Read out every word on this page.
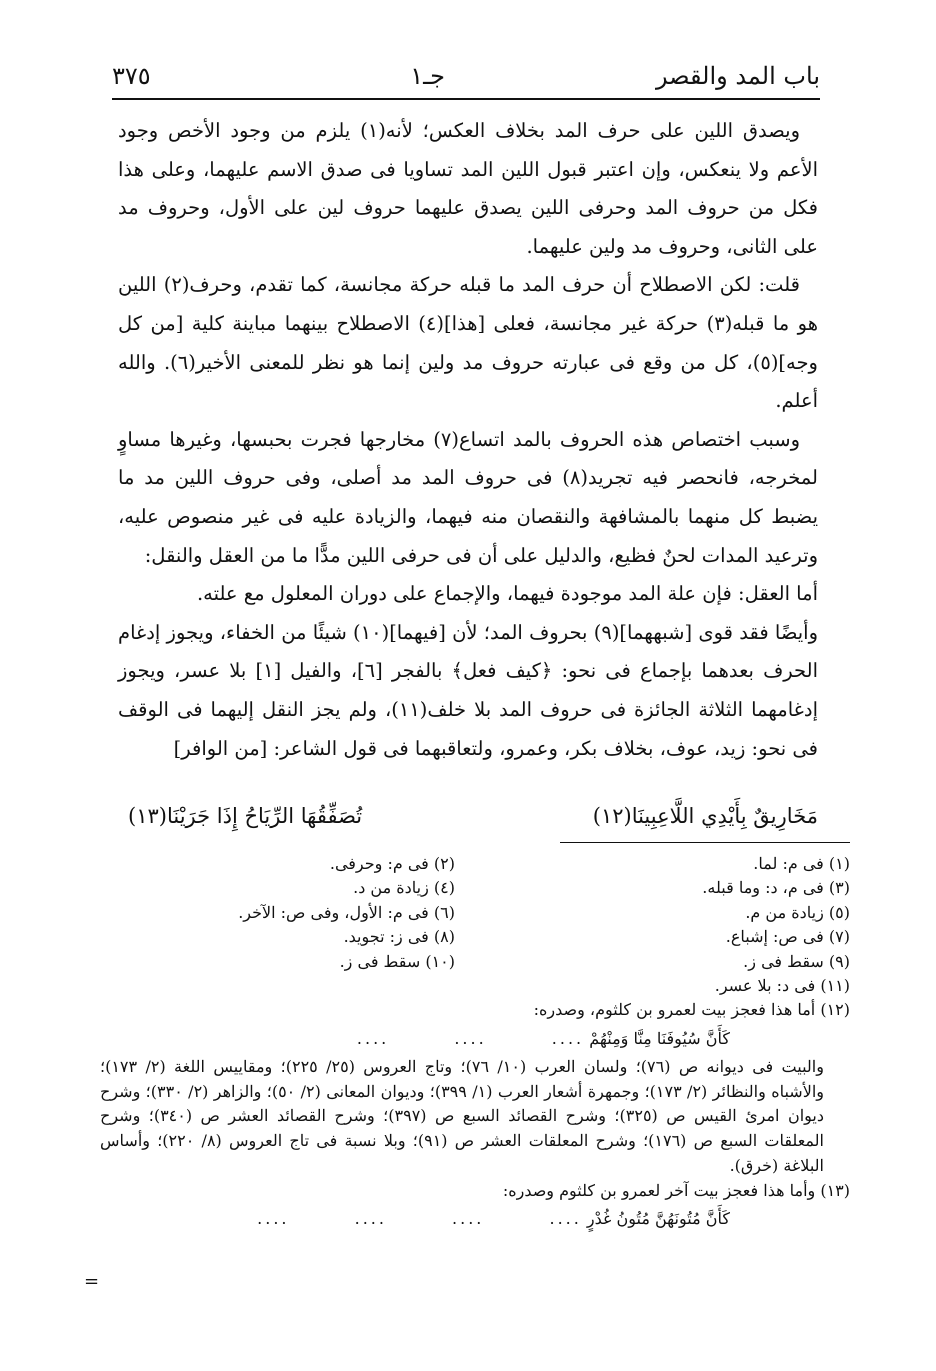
باب المد والقصر
جـ١
٣٧٥

ويصدق اللين على حرف المد بخلاف العكس؛ لأنه(١) يلزم من وجود الأخص وجود الأعم ولا ينعكس، وإن اعتبر قبول اللين المد تساويا فى صدق الاسم عليهما، وعلى هذا فكل من حروف المد وحرفى اللين يصدق عليهما حروف لين على الأول، وحروف مد على الثانى، وحروف مد ولين عليهما.

قلت: لكن الاصطلاح أن حرف المد ما قبله حركة مجانسة، كما تقدم، وحرف(٢) اللين هو ما قبله(٣) حركة غير مجانسة، فعلى [هذا](٤) الاصطلاح بينهما مباينة كلية [من كل وجه](٥)، كل من وقع فى عبارته حروف مد ولين إنما هو نظر للمعنى الأخير(٦). والله أعلم.

وسبب اختصاص هذه الحروف بالمد اتساع(٧) مخارجها فجرت بحبسها، وغيرها مساوٍ لمخرجه، فانحصر فيه تجريد(٨) فى حروف المد مد أصلى، وفى حروف اللين مد ما يضبط كل منهما بالمشافهة والنقصان منه فيهما، والزيادة عليه فى غير منصوص عليه، وترعيد المدات لحنٌ فظيع، والدليل على أن فى حرفى اللين مدًّا ما من العقل والنقل:

أما العقل: فإن علة المد موجودة فيهما، والإجماع على دوران المعلول مع علته.

وأيضًا فقد قوى [شبههما](٩) بحروف المد؛ لأن [فيهما](١٠) شيئًا من الخفاء، ويجوز إدغام الحرف بعدهما بإجماع فى نحو: ﴿كيف فعل﴾ بالفجر [٦]، والفيل [١] بلا عسر، ويجوز إدغامهما الثلاثة الجائزة فى حروف المد بلا خلف(١١)، ولم يجز النقل إليهما فى الوقف فى نحو: زيد، عوف، بخلاف بكر، وعمرو، ولتعاقبهما فى قول الشاعر: [من الوافر]

مَخَارِيقٌ بِأَيْدِي اللَّاعِبِينَا(١٢)
تُصَفِّقُهَا الرِّيَاحُ إِذَا جَرَيْنَا(١٣)
(١) فى م: لما.
(٢) فى م: وحرفى.
(٣) فى م، د: وما قبله.
(٤) زيادة من د.
(٥) زيادة من م.
(٦) فى م: الأول، وفى ص: الآخر.
(٧) فى ص: إشباع.
(٨) فى ز: تجويد.
(٩) سقط فى ز.
(١٠) سقط فى ز.
(١١) فى د: بلا عسر.
(١٢) أما هذا فعجز بيت لعمرو بن كلثوم، وصدره:
كَأَنَّ سُيُوفَنَا مِنَّا وَمِنْهُمْ .... .... ....
والبيت فى ديوانه ص (٧٦)؛ ولسان العرب (١٠/ ٧٦)؛ وتاج العروس (٢٥/ ٢٢٥)؛ ومقاييس اللغة (٢/ ١٧٣)؛ والأشباه والنظائر (٢/ ١٧٣)؛ وجمهرة أشعار العرب (١/ ٣٩٩)؛ وديوان المعانى (٢/ ٥٠)؛ والزاهر (٢/ ٣٣٠)؛ وشرح ديوان امرئ القيس ص (٣٢٥)؛ وشرح القصائد السبع ص (٣٩٧)؛ وشرح القصائد العشر ص (٣٤٠)؛ وشرح المعلقات السبع ص (١٧٦)؛ وشرح المعلقات العشر ص (٩١)؛ وبلا نسبة فى تاج العروس (٨/ ٢٢٠)؛ وأساس البلاغة (خرق).
(١٣) وأما هذا فعجز بيت آخر لعمرو بن كلثوم وصدره:
كَأَنَّ مُتُونَهُنَّ مُتُونُ غُدْرٍ .... .... .... ....
=
